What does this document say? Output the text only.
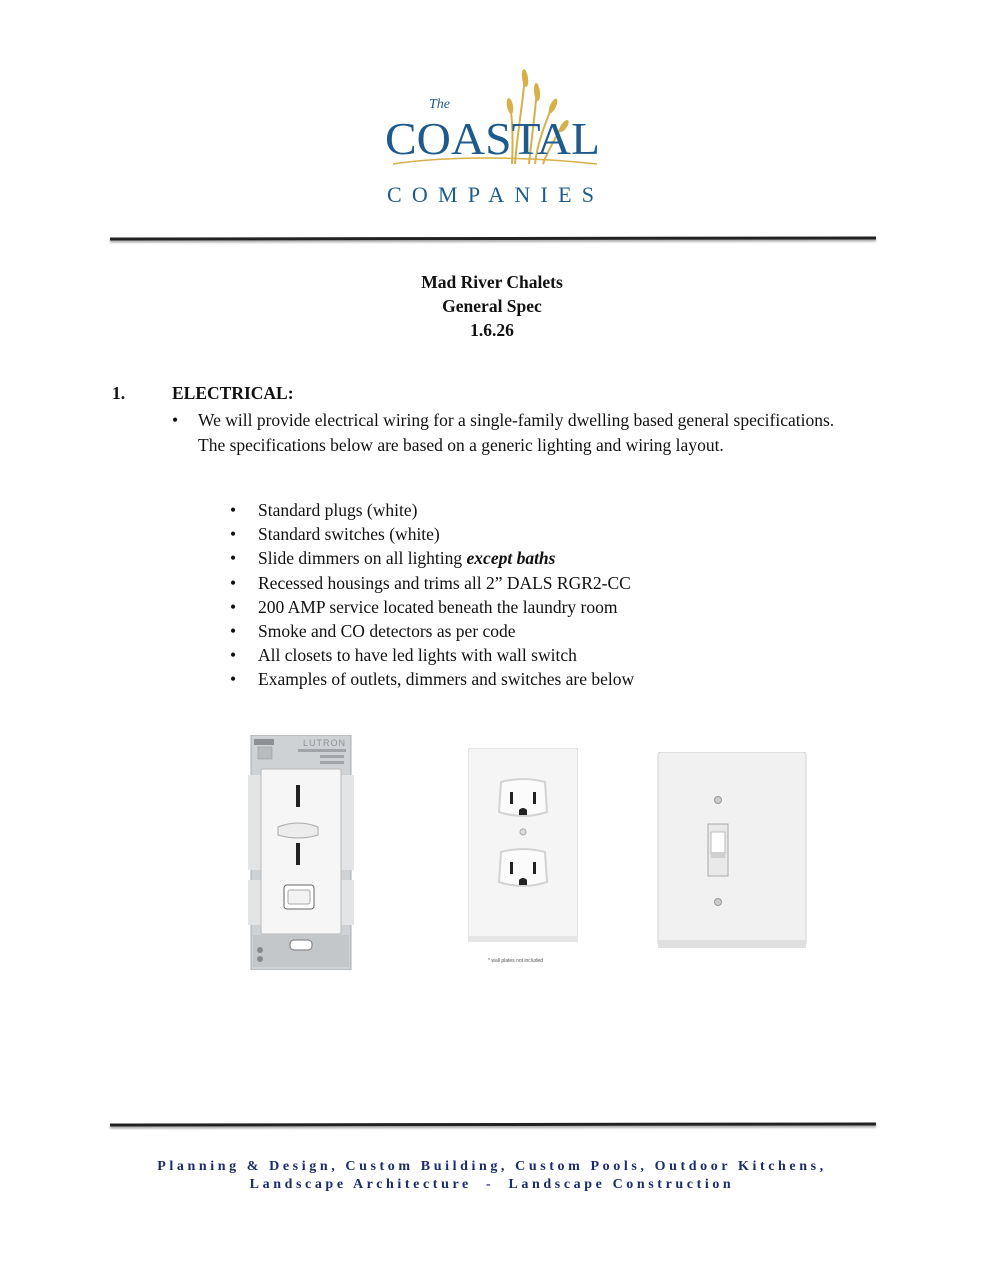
The
COASTAL
COMPANIES
Mad River Chalets
General Spec
1.6.26
1.	ELECTRICAL:
• We will provide electrical wiring for a single-family dwelling based general specifications. The specifications below are based on a generic lighting and wiring layout.
• Standard plugs (white)
• Standard switches (white)
• Slide dimmers on all lighting except baths
• Recessed housings and trims all 2” DALS RGR2-CC
• 200 AMP service located beneath the laundry room
• Smoke and CO detectors as per code
• All closets to have led lights with wall switch
• Examples of outlets, dimmers and switches are below
LUTRON
* wall plates not included
Planning & Design, Custom Building, Custom Pools, Outdoor Kitchens,
Landscape Architecture  -  Landscape Construction
